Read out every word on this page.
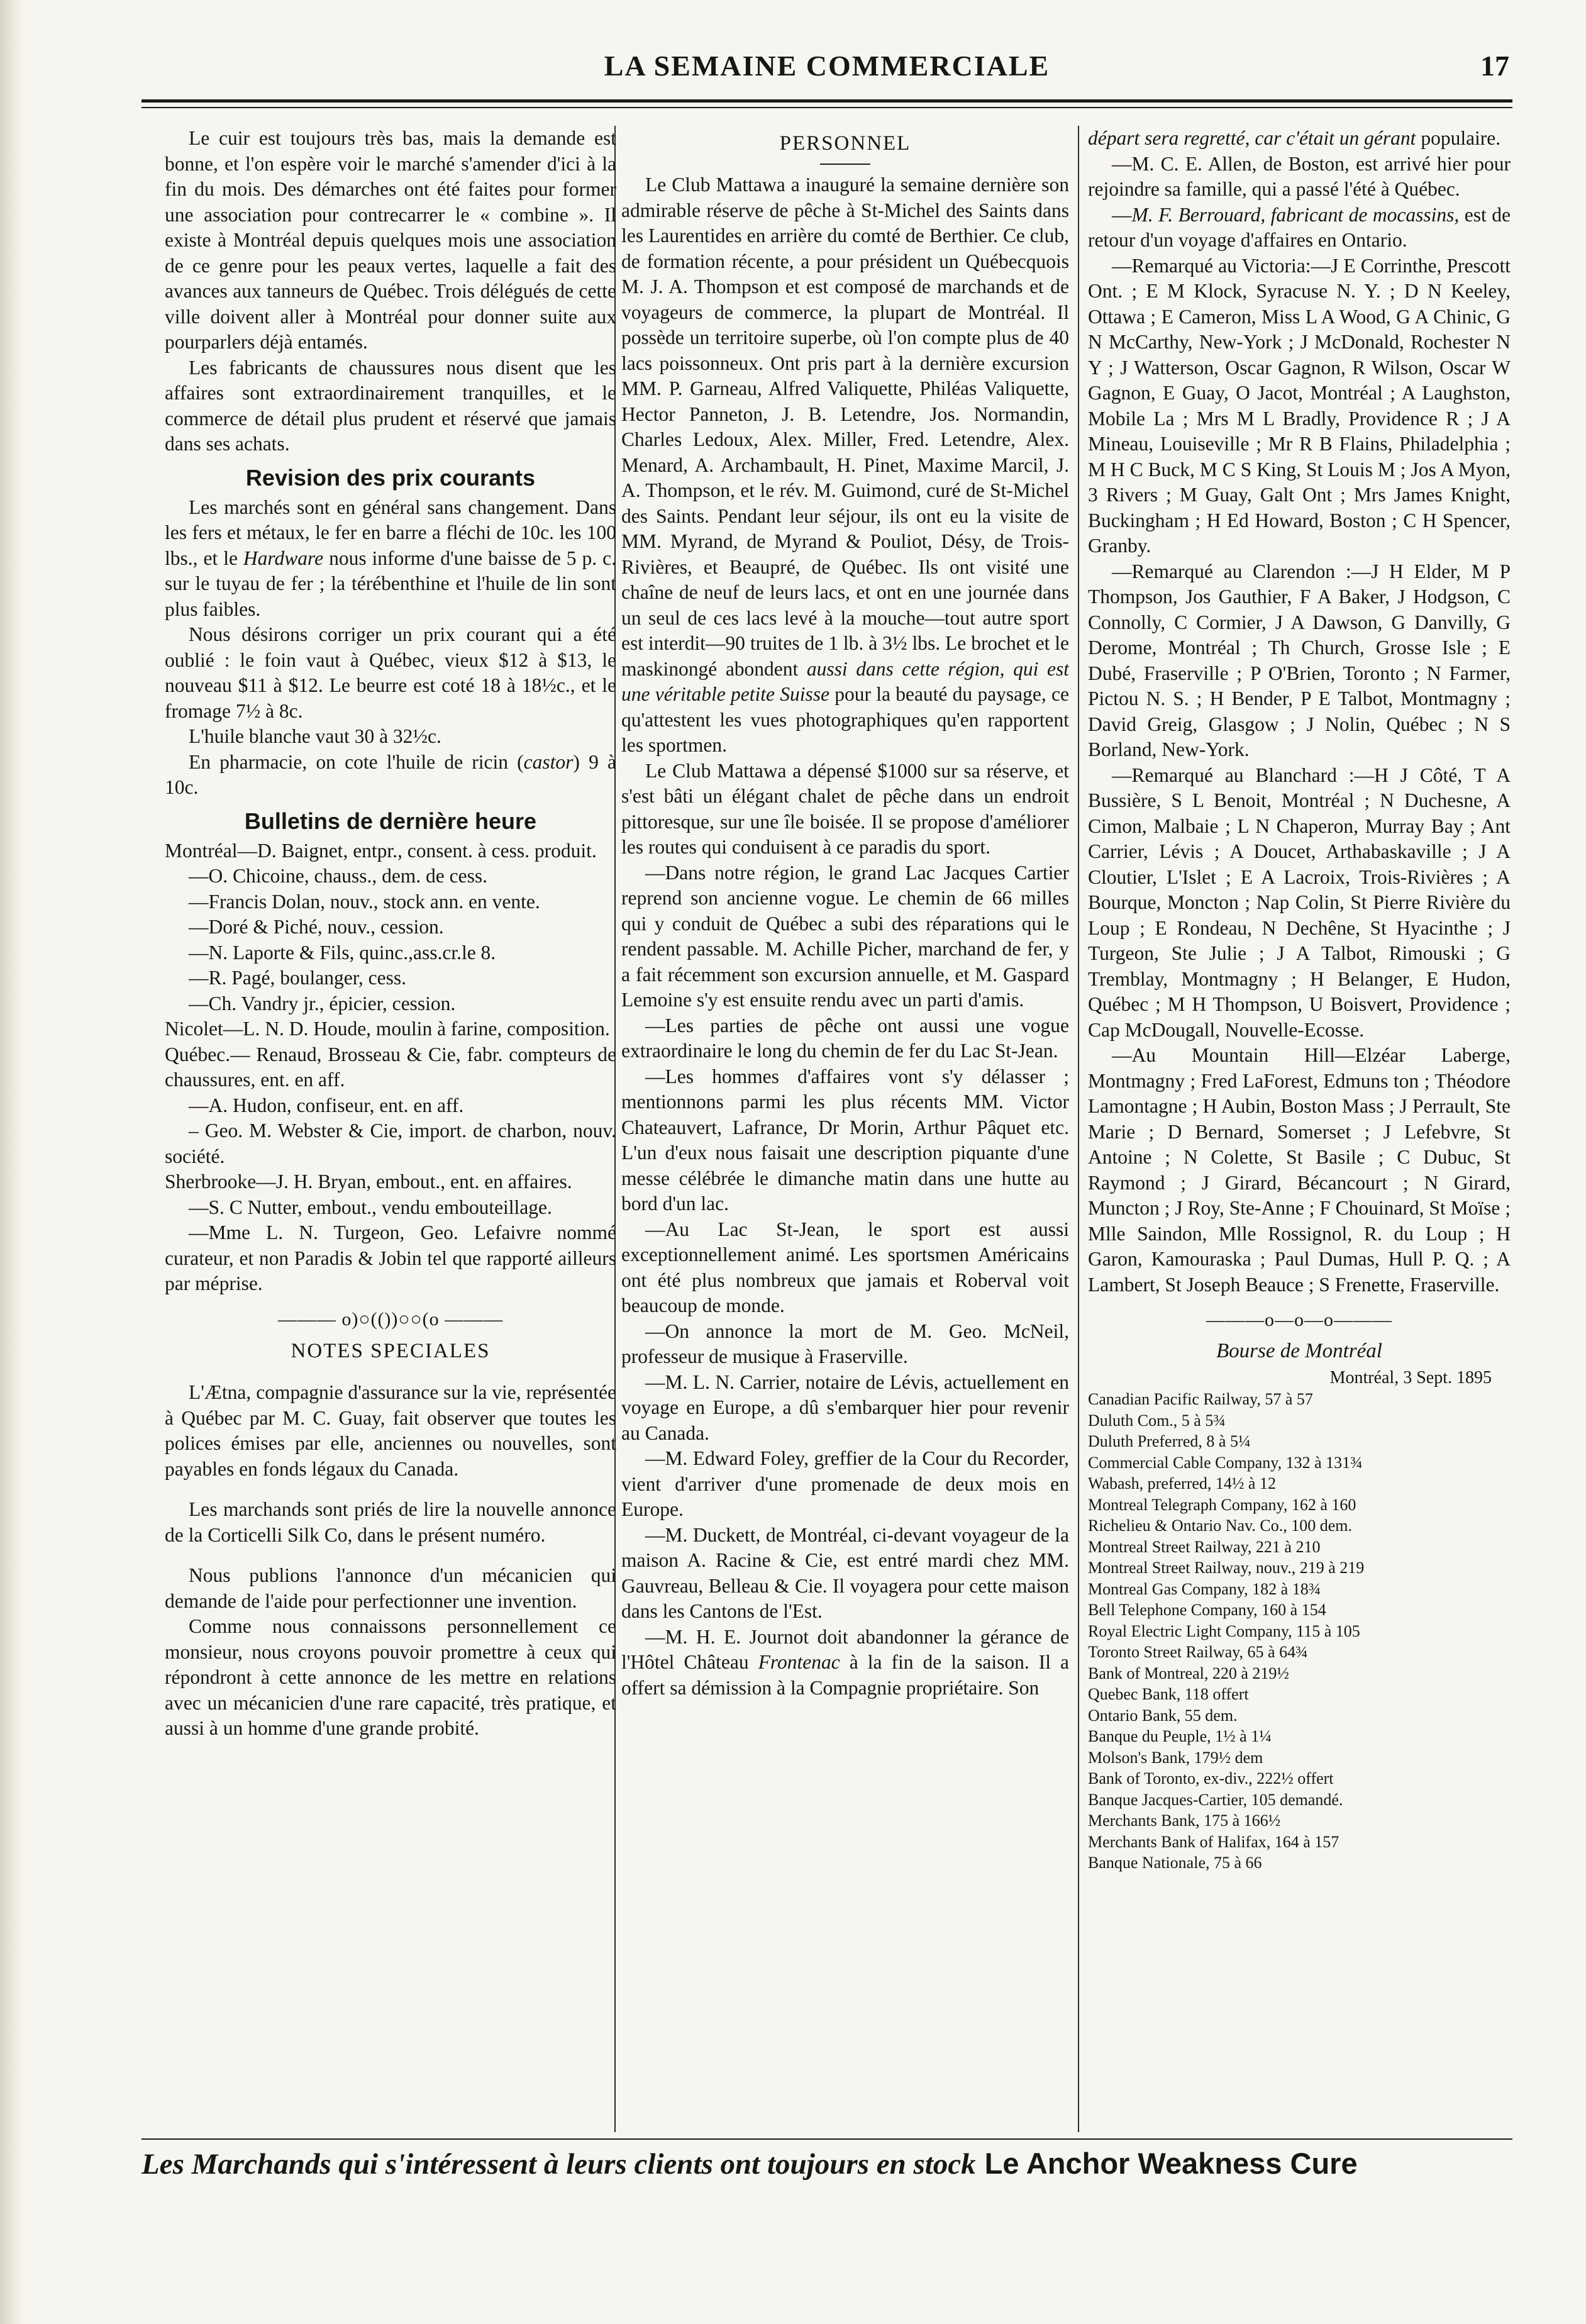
LA SEMAINE COMMERCIALE	17

Le cuir est toujours très bas, mais la demande est bonne, et l'on espère voir le marché s'amender d'ici à la fin du mois. Des démarches ont été faites pour former une association pour contrecarrer le « combine ». Il existe à Montréal depuis quelques mois une association de ce genre pour les peaux vertes, laquelle a fait des avances aux tanneurs de Québec. Trois délégués de cette ville doivent aller à Montréal pour donner suite aux pourparlers déjà entamés.

Les fabricants de chaussures nous disent que les affaires sont extraordinairement tranquilles, et le commerce de détail plus prudent et réservé que jamais dans ses achats.

Revision des prix courants

Les marchés sont en général sans changement. Dans les fers et métaux, le fer en barre a fléchi de 10c. les 100 lbs., et le Hardware nous informe d'une baisse de 5 p. c. sur le tuyau de fer ; la térébenthine et l'huile de lin sont plus faibles.

Nous désirons corriger un prix courant qui a été oublié : le foin vaut à Québec, vieux $12 à $13, le nouveau $11 à $12. Le beurre est coté 18 à 18½c., et le fromage 7½ à 8c.

L'huile blanche vaut 30 à 32½c.

En pharmacie, on cote l'huile de ricin (castor) 9 à 10c.

Bulletins de dernière heure

Montréal—D. Baignet, entpr., consent. à cess. produit.

—O. Chicoine, chauss., dem. de cess.

—Francis Dolan, nouv., stock ann. en vente.

—Doré & Piché, nouv., cession.

—N. Laporte & Fils, quinc.,ass.cr.le 8.

—R. Pagé, boulanger, cess.

—Ch. Vandry jr., épicier, cession.

Nicolet—L. N. D. Houde, moulin à farine, composition.

Québec.— Renaud, Brosseau & Cie, fabr. compteurs de chaussures, ent. en aff.

—A. Hudon, confiseur, ent. en aff.

– Geo. M. Webster & Cie, import. de charbon, nouv. société.

Sherbrooke—J. H. Bryan, embout., ent. en affaires.

—S. C Nutter, embout., vendu embouteillage.

—Mme L. N. Turgeon, Geo. Lefaivre nommé curateur, et non Paradis & Jobin tel que rapporté ailleurs par méprise.

——— o)○(())○○(o ———
NOTES SPECIALES

L'Ætna, compagnie d'assurance sur la vie, représentée à Québec par M. C. Guay, fait observer que toutes les polices émises par elle, anciennes ou nouvelles, sont payables en fonds légaux du Canada.

Les marchands sont priés de lire la nouvelle annonce de la Corticelli Silk Co, dans le présent numéro.

Nous publions l'annonce d'un mécanicien qui demande de l'aide pour perfectionner une invention.

Comme nous connaissons personnellement ce monsieur, nous croyons pouvoir promettre à ceux qui répondront à cette annonce de les mettre en relations avec un mécanicien d'une rare capacité, très pratique, et aussi à un homme d'une grande probité.

PERSONNEL

Le Club Mattawa a inauguré la semaine dernière son admirable réserve de pêche à St-Michel des Saints dans les Laurentides en arrière du comté de Berthier. Ce club, de formation récente, a pour président un Québecquois M. J. A. Thompson et est composé de marchands et de voyageurs de commerce, la plupart de Montréal. Il possède un territoire superbe, où l'on compte plus de 40 lacs poissonneux. Ont pris part à la dernière excursion MM. P. Garneau, Alfred Valiquette, Philéas Valiquette, Hector Panneton, J. B. Letendre, Jos. Normandin, Charles Ledoux, Alex. Miller, Fred. Letendre, Alex. Menard, A. Archambault, H. Pinet, Maxime Marcil, J. A. Thompson, et le rév. M. Guimond, curé de St-Michel des Saints. Pendant leur séjour, ils ont eu la visite de MM. Myrand, de Myrand & Pouliot, Désy, de Trois-Rivières, et Beaupré, de Québec. Ils ont visité une chaîne de neuf de leurs lacs, et ont en une journée dans un seul de ces lacs levé à la mouche—tout autre sport est interdit—90 truites de 1 lb. à 3½ lbs. Le brochet et le maskinongé abondent aussi dans cette région, qui est une véritable petite Suisse pour la beauté du paysage, ce qu'attestent les vues photographiques qu'en rapportent les sportmen.

Le Club Mattawa a dépensé $1000 sur sa réserve, et s'est bâti un élégant chalet de pêche dans un endroit pittoresque, sur une île boisée. Il se propose d'améliorer les routes qui conduisent à ce paradis du sport.

—Dans notre région, le grand Lac Jacques Cartier reprend son ancienne vogue. Le chemin de 66 milles qui y conduit de Québec a subi des réparations qui le rendent passable. M. Achille Picher, marchand de fer, y a fait récemment son excursion annuelle, et M. Gaspard Lemoine s'y est ensuite rendu avec un parti d'amis.

—Les parties de pêche ont aussi une vogue extraordinaire le long du chemin de fer du Lac St-Jean.

—Les hommes d'affaires vont s'y délasser ; mentionnons parmi les plus récents MM. Victor Chateauvert, Lafrance, Dr Morin, Arthur Pâquet etc. L'un d'eux nous faisait une description piquante d'une messe célébrée le dimanche matin dans une hutte au bord d'un lac.

—Au Lac St-Jean, le sport est aussi exceptionnellement animé. Les sportsmen Américains ont été plus nombreux que jamais et Roberval voit beaucoup de monde.

—On annonce la mort de M. Geo. McNeil, professeur de musique à Fraserville.

—M. L. N. Carrier, notaire de Lévis, actuellement en voyage en Europe, a dû s'embarquer hier pour revenir au Canada.

—M. Edward Foley, greffier de la Cour du Recorder, vient d'arriver d'une promenade de deux mois en Europe.

—M. Duckett, de Montréal, ci-devant voyageur de la maison A. Racine & Cie, est entré mardi chez MM. Gauvreau, Belleau & Cie. Il voyagera pour cette maison dans les Cantons de l'Est.

—M. H. E. Journot doit abandonner la gérance de l'Hôtel Château Frontenac à la fin de la saison. Il a offert sa démission à la Compagnie propriétaire. Son

départ sera regretté, car c'était un gérant populaire.

—M. C. E. Allen, de Boston, est arrivé hier pour rejoindre sa famille, qui a passé l'été à Québec.

—M. F. Berrouard, fabricant de mocassins, est de retour d'un voyage d'affaires en Ontario.

—Remarqué au Victoria:—J E Corrinthe, Prescott Ont. ; E M Klock, Syracuse N. Y. ; D N Keeley, Ottawa ; E Cameron, Miss L A Wood, G A Chinic, G N McCarthy, New-York ; J McDonald, Rochester N Y ; J Watterson, Oscar Gagnon, R Wilson, Oscar W Gagnon, E Guay, O Jacot, Montréal ; A Laughston, Mobile La ; Mrs M L Bradly, Providence R ; J A Mineau, Louiseville ; Mr R B Flains, Philadelphia ; M H C Buck, M C S King, St Louis M ; Jos A Myon, 3 Rivers ; M Guay, Galt Ont ; Mrs James Knight, Buckingham ; H Ed Howard, Boston ; C H Spencer, Granby.

—Remarqué au Clarendon :—J H Elder, M P Thompson, Jos Gauthier, F A Baker, J Hodgson, C Connolly, C Cormier, J A Dawson, G Danvilly, G Derome, Montréal ; Th Church, Grosse Isle ; E Dubé, Fraserville ; P O'Brien, Toronto ; N Farmer, Pictou N. S. ; H Bender, P E Talbot, Montmagny ; David Greig, Glasgow ; J Nolin, Québec ; N S Borland, New-York.

—Remarqué au Blanchard :—H J Côté, T A Bussière, S L Benoit, Montréal ; N Duchesne, A Cimon, Malbaie ; L N Chaperon, Murray Bay ; Ant Carrier, Lévis ; A Doucet, Arthabaskaville ; J A Cloutier, L'Islet ; E A Lacroix, Trois-Rivières ; A Bourque, Moncton ; Nap Colin, St Pierre Rivière du Loup ; E Rondeau, N Dechêne, St Hyacinthe ; J Turgeon, Ste Julie ; J A Talbot, Rimouski ; G Tremblay, Montmagny ; H Belanger, E Hudon, Québec ; M H Thompson, U Boisvert, Providence ; Cap McDougall, Nouvelle-Ecosse.

—Au Mountain Hill—Elzéar Laberge, Montmagny ; Fred LaForest, Edmuns ton ; Théodore Lamontagne ; H Aubin, Boston Mass ; J Perrault, Ste Marie ; D Bernard, Somerset ; J Lefebvre, St Antoine ; N Colette, St Basile ; C Dubuc, St Raymond ; J Girard, Bécancourt ; N Girard, Muncton ; J Roy, Ste-Anne ; F Chouinard, St Moïse ; Mlle Saindon, Mlle Rossignol, R. du Loup ; H Garon, Kamouraska ; Paul Dumas, Hull P. Q. ; A Lambert, St Joseph Beauce ; S Frenette, Fraserville.

———o—o—o———
Bourse de Montréal
Montréal, 3 Sept. 1895
Canadian Pacific Railway, 57 à 57
Duluth Com., 5 à 5¾
Duluth Preferred, 8 à 5¼
Commercial Cable Company, 132 à 131¾
Wabash, preferred, 14½ à 12
Montreal Telegraph Company, 162 à 160
Richelieu & Ontario Nav. Co., 100 dem.
Montreal Street Railway, 221 à 210
Montreal Street Railway, nouv., 219 à 219
Montreal Gas Company, 182 à 18¾
Bell Telephone Company, 160 à 154
Royal Electric Light Company, 115 à 105
Toronto Street Railway, 65 à 64¾
Bank of Montreal, 220 à 219½
Quebec Bank, 118 offert
Ontario Bank, 55 dem.
Banque du Peuple, 1½ à 1¼
Molson's Bank, 179½ dem
Bank of Toronto, ex-div., 222½ offert
Banque Jacques-Cartier, 105 demandé.
Merchants Bank, 175 à 166½
Merchants Bank of Halifax, 164 à 157
Banque Nationale, 75 à 66
Les Marchands qui s'intéressent à leurs clients ont toujours en stock Le Anchor Weakness Cure
